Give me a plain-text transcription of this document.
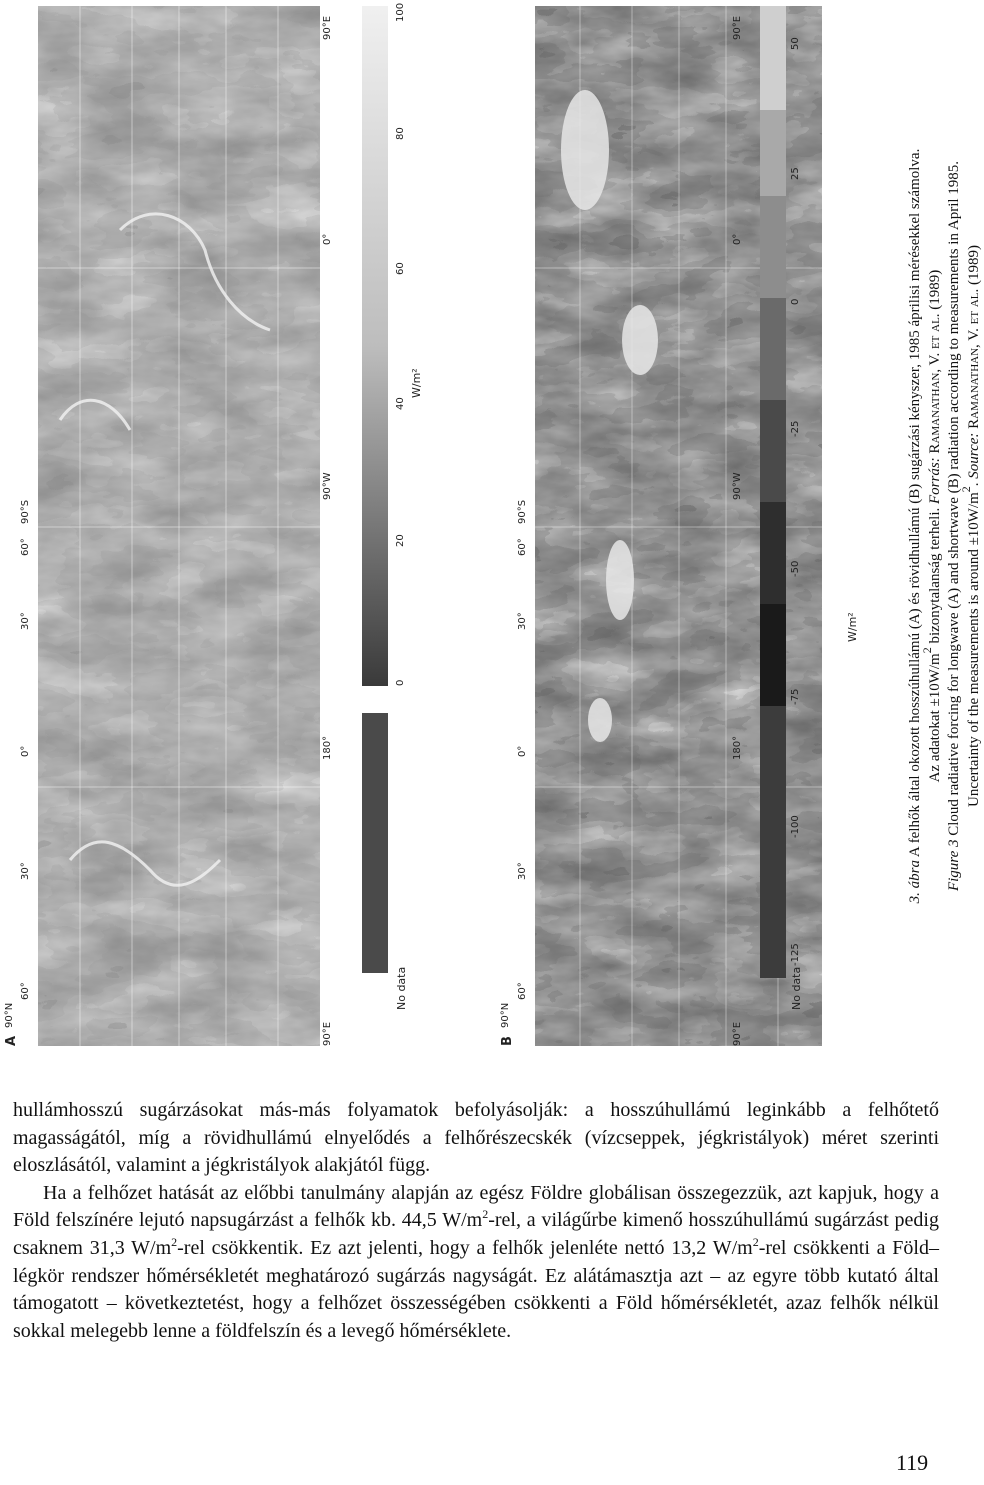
A	B
90°N
60°
30°
0°
30°
60°
90°S
90°E
180°
90°W
0°
90°E
No data
0
20
40
60
80
100
W/m²
90°N
60°
30°
0°
30°
60°
90°S
90°E
180°
90°W
0°
90°E
No data
-125
-100
-75
-50
-25
0
25
50
W/m²

3. ábra A felhők által okozott hosszúhullámú (A) és rövidhullámú (B) sugárzási kényszer, 1985 áprilisi mérésekkel számolva. Az adatokat $\pm 10W/m^2$ bizonytalanság terheli. Forrás: Ramanathan, V. et al. (1989)

Figure 3 Cloud radiative forcing for longwave (A) and shortwave (B) radiation according to measurements in April 1985. Uncertainty of the measurements is around $\pm 10W/m^2$. Source: Ramanathan, V. et al. (1989)

hullámhosszú sugárzásokat más-más folyamatok befolyásolják: a hosszúhullámú leginkább a felhőtető magasságától, míg a rövidhullámú elnyelődés a felhőrészecskék (vízcseppek, jégkristályok) méret szerinti eloszlásától, valamint a jégkristályok alakjától függ.

Ha a felhőzet hatását az előbbi tanulmány alapján az egész Földre globálisan összegezzük, azt kapjuk, hogy a Föld felszínére lejutó napsugárzást a felhők kb. 44,5 $W/m^2$-rel, a világűrbe kimenő hosszúhullámú sugárzást pedig csaknem 31,3 $W/m^2$-rel csökkentik. Ez azt jelenti, hogy a felhők jelenléte nettó 13,2 $W/m^2$-rel csökkenti a Föld–légkör rendszer hőmérsékletét meghatározó sugárzás nagyságát. Ez alátámasztja azt – az egyre több kutató által támogatott – következtetést, hogy a felhőzet összességében csökkenti a Föld hőmérsékletét, azaz felhők nélkül sokkal melegebb lenne a földfelszín és a levegő hőmérséklete.

119
